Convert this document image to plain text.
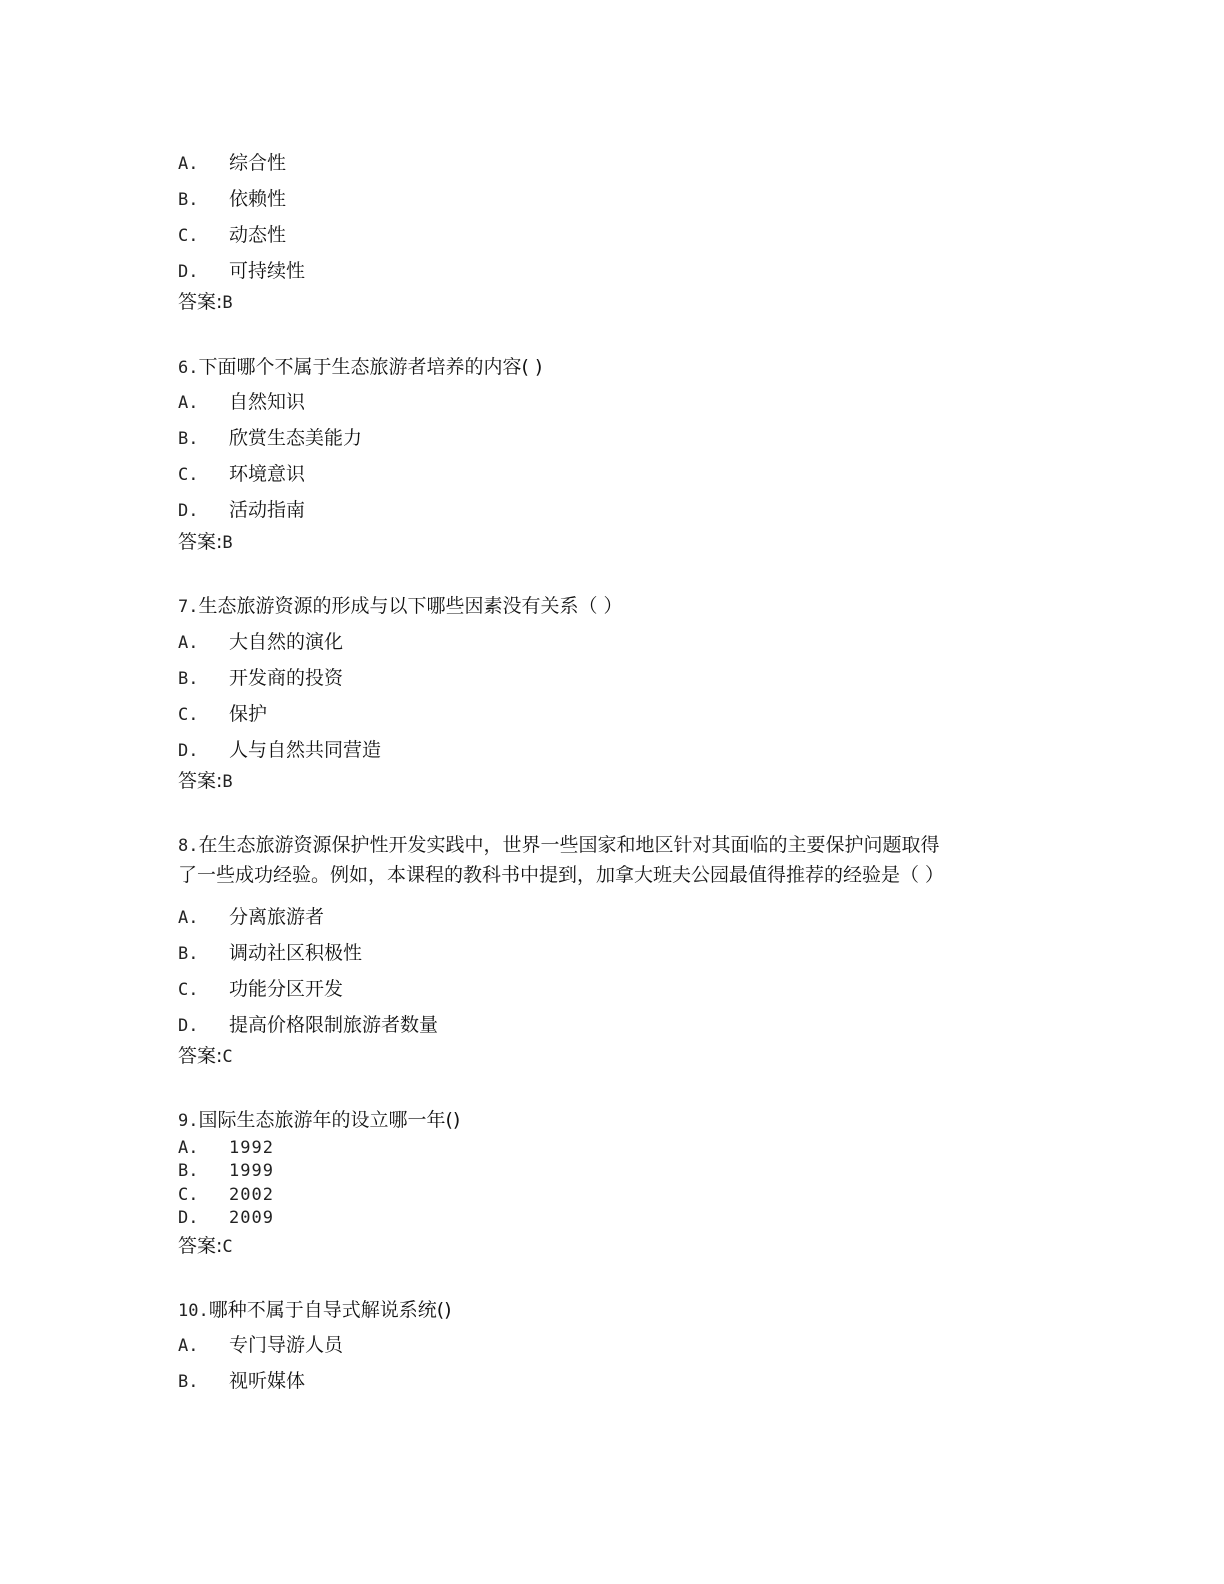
A.	综合性
B.	依赖性
C.	动态性
D.	可持续性
答案:B
6.下面哪个不属于生态旅游者培养的内容( )
A.	自然知识
B.	欣赏生态美能力
C.	环境意识
D.	活动指南
答案:B
7.生态旅游资源的形成与以下哪些因素没有关系（ ）
A.	大自然的演化
B.	开发商的投资
C.	保护
D.	人与自然共同营造
答案:B
8.在生态旅游资源保护性开发实践中，世界一些国家和地区针对其面临的主要保护问题取得
了一些成功经验。例如，本课程的教科书中提到，加拿大班夫公园最值得推荐的经验是（ ）
A.	分离旅游者
B.	调动社区积极性
C.	功能分区开发
D.	提高价格限制旅游者数量
答案:C
9.国际生态旅游年的设立哪一年()
A.	1992
B.	1999
C.	2002
D.	2009
答案:C
10.哪种不属于自导式解说系统()
A.	专门导游人员
B.	视听媒体
